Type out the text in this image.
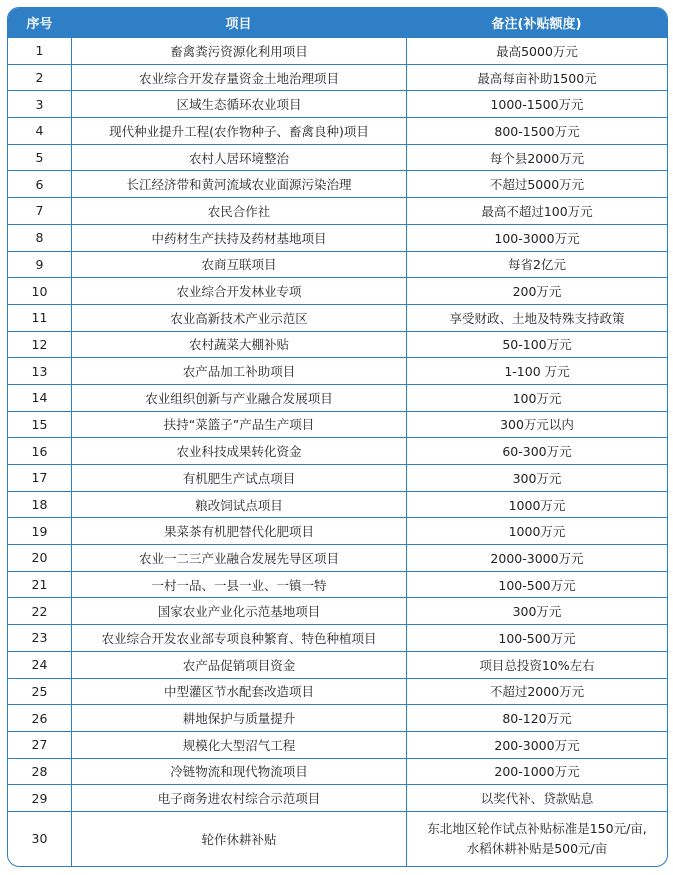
序号	项目	备注(补贴额度)
1	畜禽粪污资源化利用项目	最高5000万元
2	农业综合开发存量资金土地治理项目	最高每亩补助1500元
3	区域生态循环农业项目	1000-1500万元
4	现代种业提升工程(农作物种子、畜禽良种)项目	800-1500万元
5	农村人居环境整治	每个县2000万元
6	长江经济带和黄河流域农业面源污染治理	不超过5000万元
7	农民合作社	最高不超过100万元
8	中药材生产扶持及药材基地项目	100-3000万元
9	农商互联项目	每省2亿元
10	农业综合开发林业专项	200万元
11	农业高新技术产业示范区	享受财政、土地及特殊支持政策
12	农村蔬菜大棚补贴	50-100万元
13	农产品加工补助项目	1-100 万元
14	农业组织创新与产业融合发展项目	100万元
15	扶持“菜篮子”产品生产项目	300万元以内
16	农业科技成果转化资金	60-300万元
17	有机肥生产试点项目	300万元
18	粮改饲试点项目	1000万元
19	果菜茶有机肥替代化肥项目	1000万元
20	农业一二三产业融合发展先导区项目	2000-3000万元
21	一村一品、一县一业、一镇一特	100-500万元
22	国家农业产业化示范基地项目	300万元
23	农业综合开发农业部专项良种繁育、特色种植项目	100-500万元
24	农产品促销项目资金	项目总投资10%左右
25	中型灌区节水配套改造项目	不超过2000万元
26	耕地保护与质量提升	80-120万元
27	规模化大型沼气工程	200-3000万元
28	冷链物流和现代物流项目	200-1000万元
29	电子商务进农村综合示范项目	以奖代补、贷款贴息
30	轮作休耕补贴	东北地区轮作试点补贴标准是150元/亩,
水稻休耕补贴是500元/亩
